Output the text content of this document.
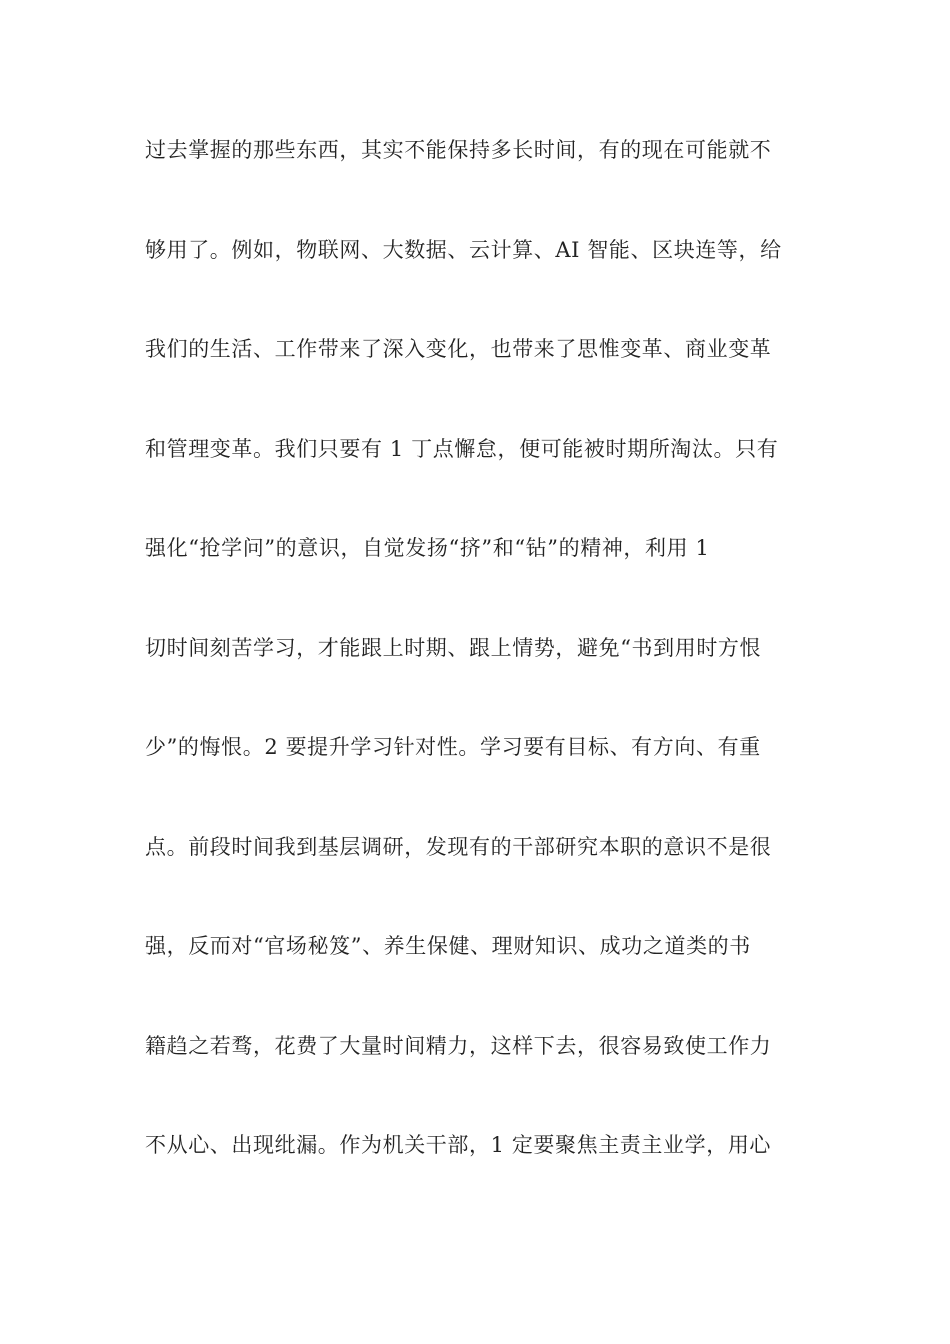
过去掌握的那些东西，其实不能保持多长时间，有的现在可能就不

够用了。例如，物联网、大数据、云计算、AI 智能、区块连等，给

我们的生活、工作带来了深入变化，也带来了思惟变革、商业变革

和管理变革。我们只要有 1 丁点懈怠，便可能被时期所淘汰。只有

强化“抢学问”的意识，自觉发扬“挤”和“钻”的精神，利用 1

切时间刻苦学习，才能跟上时期、跟上情势，避免“书到用时方恨

少”的悔恨。2 要提升学习针对性。学习要有目标、有方向、有重

点。前段时间我到基层调研，发现有的干部研究本职的意识不是很

强，反而对“官场秘笈”、养生保健、理财知识、成功之道类的书

籍趋之若骛，花费了大量时间精力，这样下去，很容易致使工作力

不从心、出现纰漏。作为机关干部，1 定要聚焦主责主业学，用心
